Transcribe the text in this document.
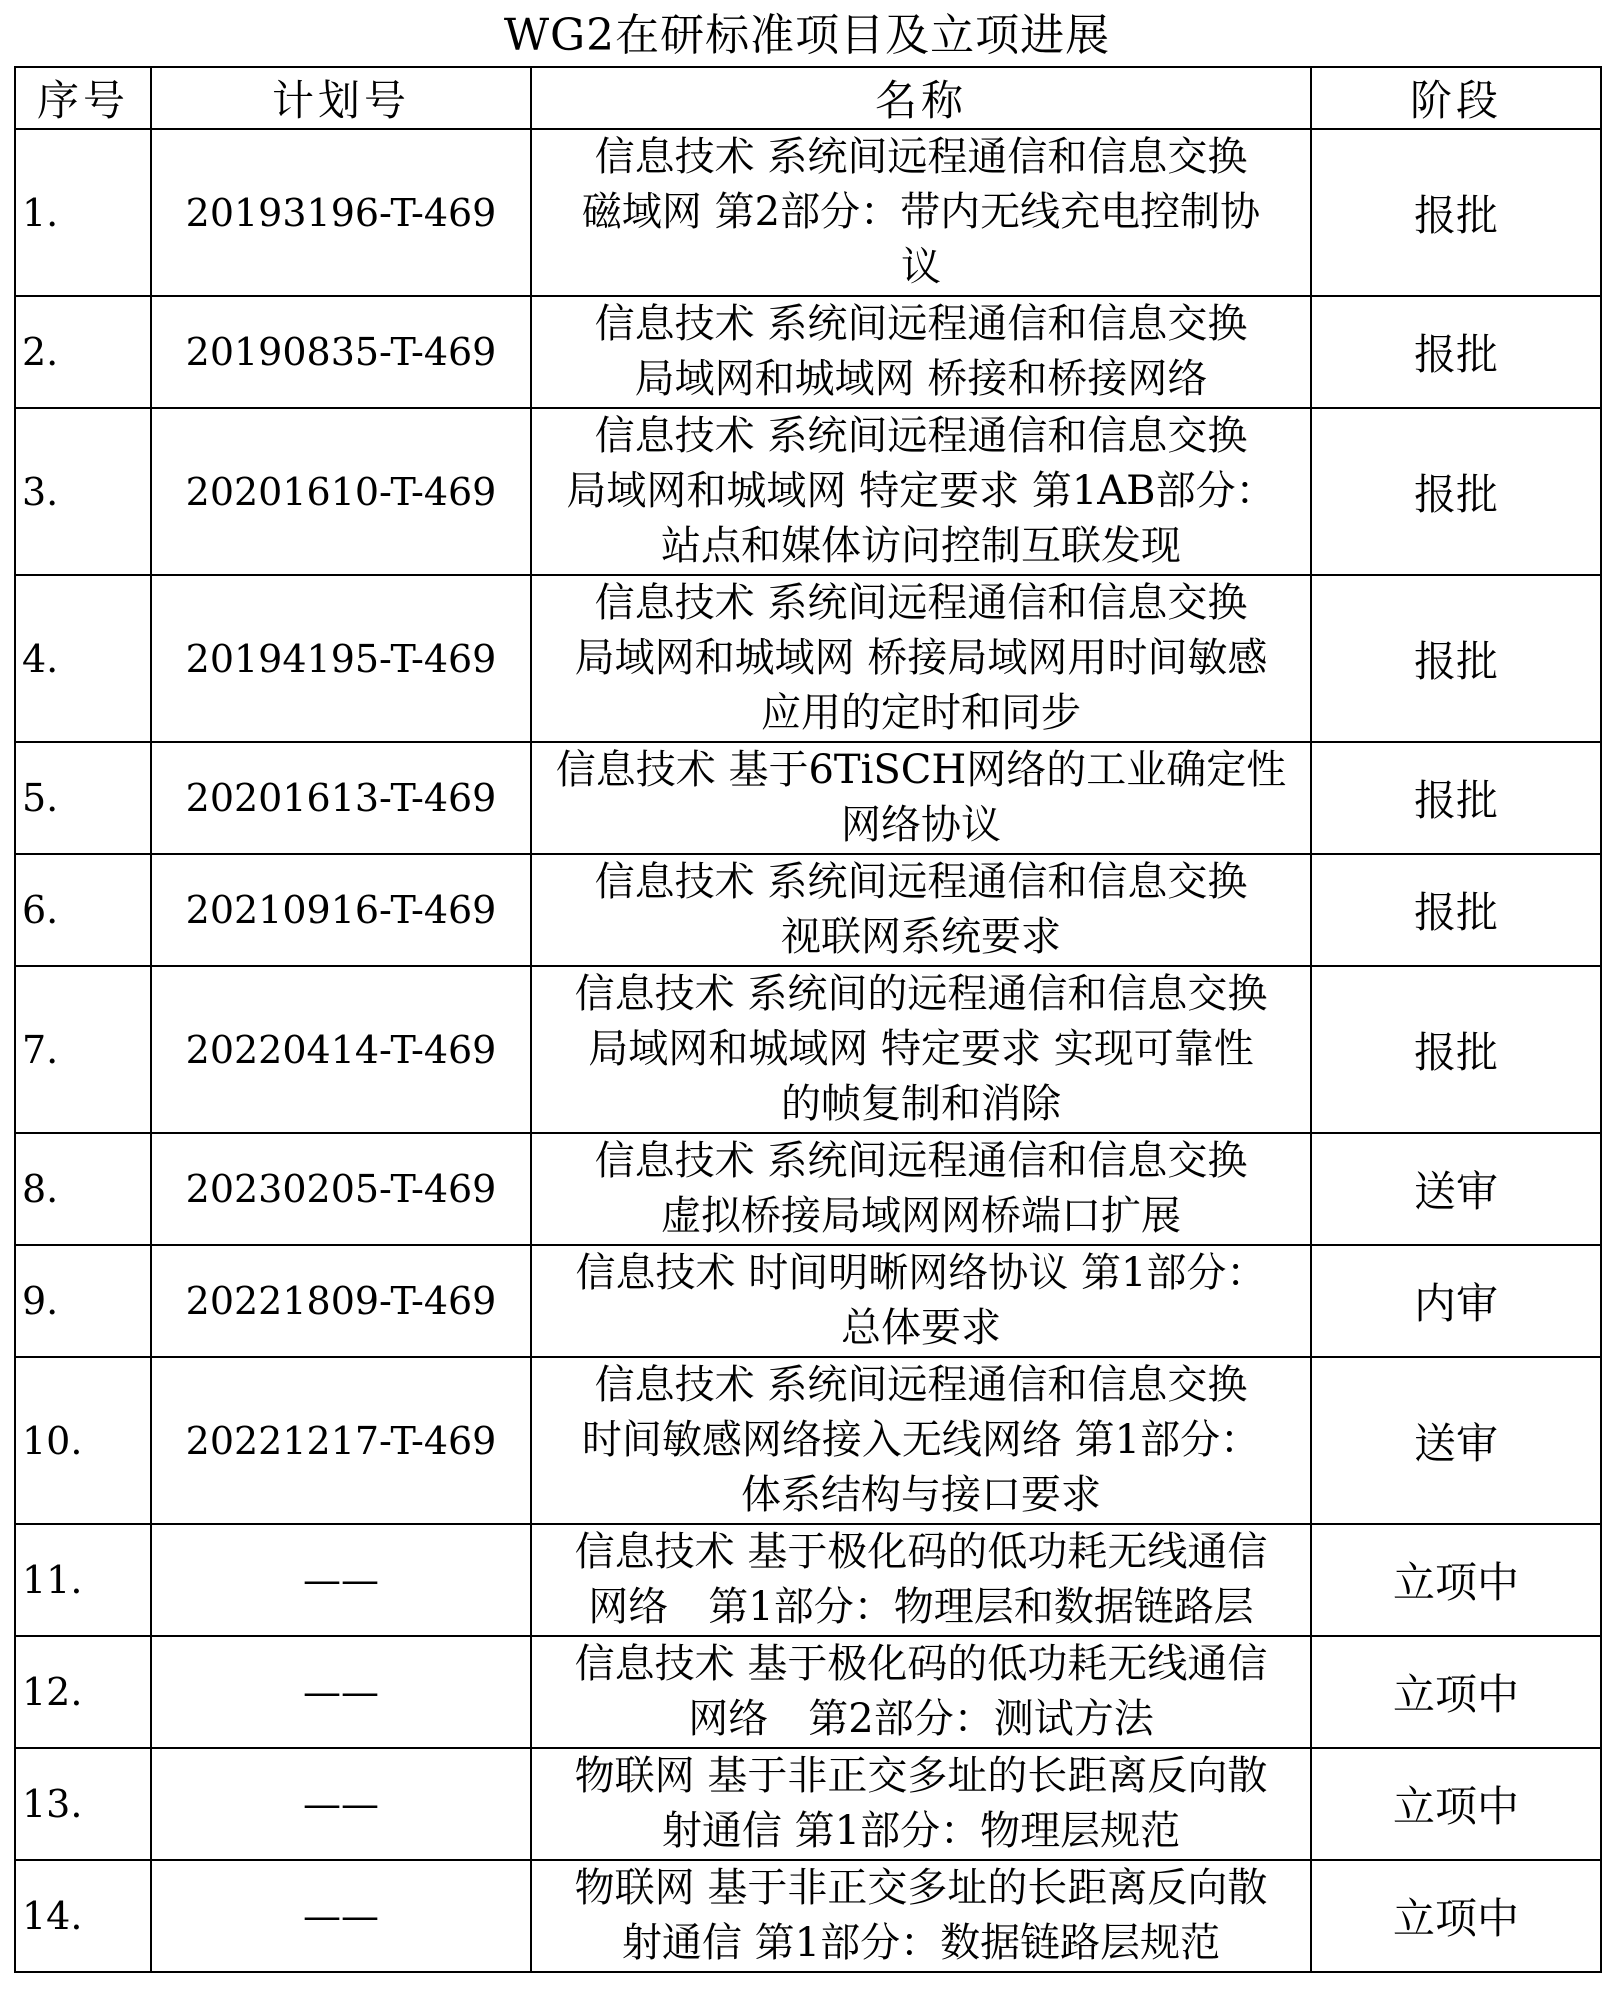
WG2在研标准项目及立项进展
序号	计划号	名称	阶段
1.	20193196-T-469	信息技术 系统间远程通信和信息交换
磁域网 第2部分：带内无线充电控制协
议	报批
2.	20190835-T-469	信息技术 系统间远程通信和信息交换
局域网和城域网 桥接和桥接网络	报批
3.	20201610-T-469	信息技术 系统间远程通信和信息交换
局域网和城域网 特定要求 第1AB部分：
站点和媒体访问控制互联发现	报批
4.	20194195-T-469	信息技术 系统间远程通信和信息交换
局域网和城域网 桥接局域网用时间敏感
应用的定时和同步	报批
5.	20201613-T-469	信息技术 基于6TiSCH网络的工业确定性
网络协议	报批
6.	20210916-T-469	信息技术 系统间远程通信和信息交换
视联网系统要求	报批
7.	20220414-T-469	信息技术 系统间的远程通信和信息交换
局域网和城域网 特定要求 实现可靠性
的帧复制和消除	报批
8.	20230205-T-469	信息技术 系统间远程通信和信息交换
虚拟桥接局域网网桥端口扩展	送审
9.	20221809-T-469	信息技术 时间明晰网络协议 第1部分：
总体要求	内审
10.	20221217-T-469	信息技术 系统间远程通信和信息交换
时间敏感网络接入无线网络 第1部分：
体系结构与接口要求	送审
11.	——	信息技术 基于极化码的低功耗无线通信
网络　第1部分：物理层和数据链路层	立项中
12.	——	信息技术 基于极化码的低功耗无线通信
网络　第2部分：测试方法	立项中
13.	——	物联网 基于非正交多址的长距离反向散
射通信 第1部分：物理层规范	立项中
14.	——	物联网 基于非正交多址的长距离反向散
射通信 第1部分：数据链路层规范	立项中
